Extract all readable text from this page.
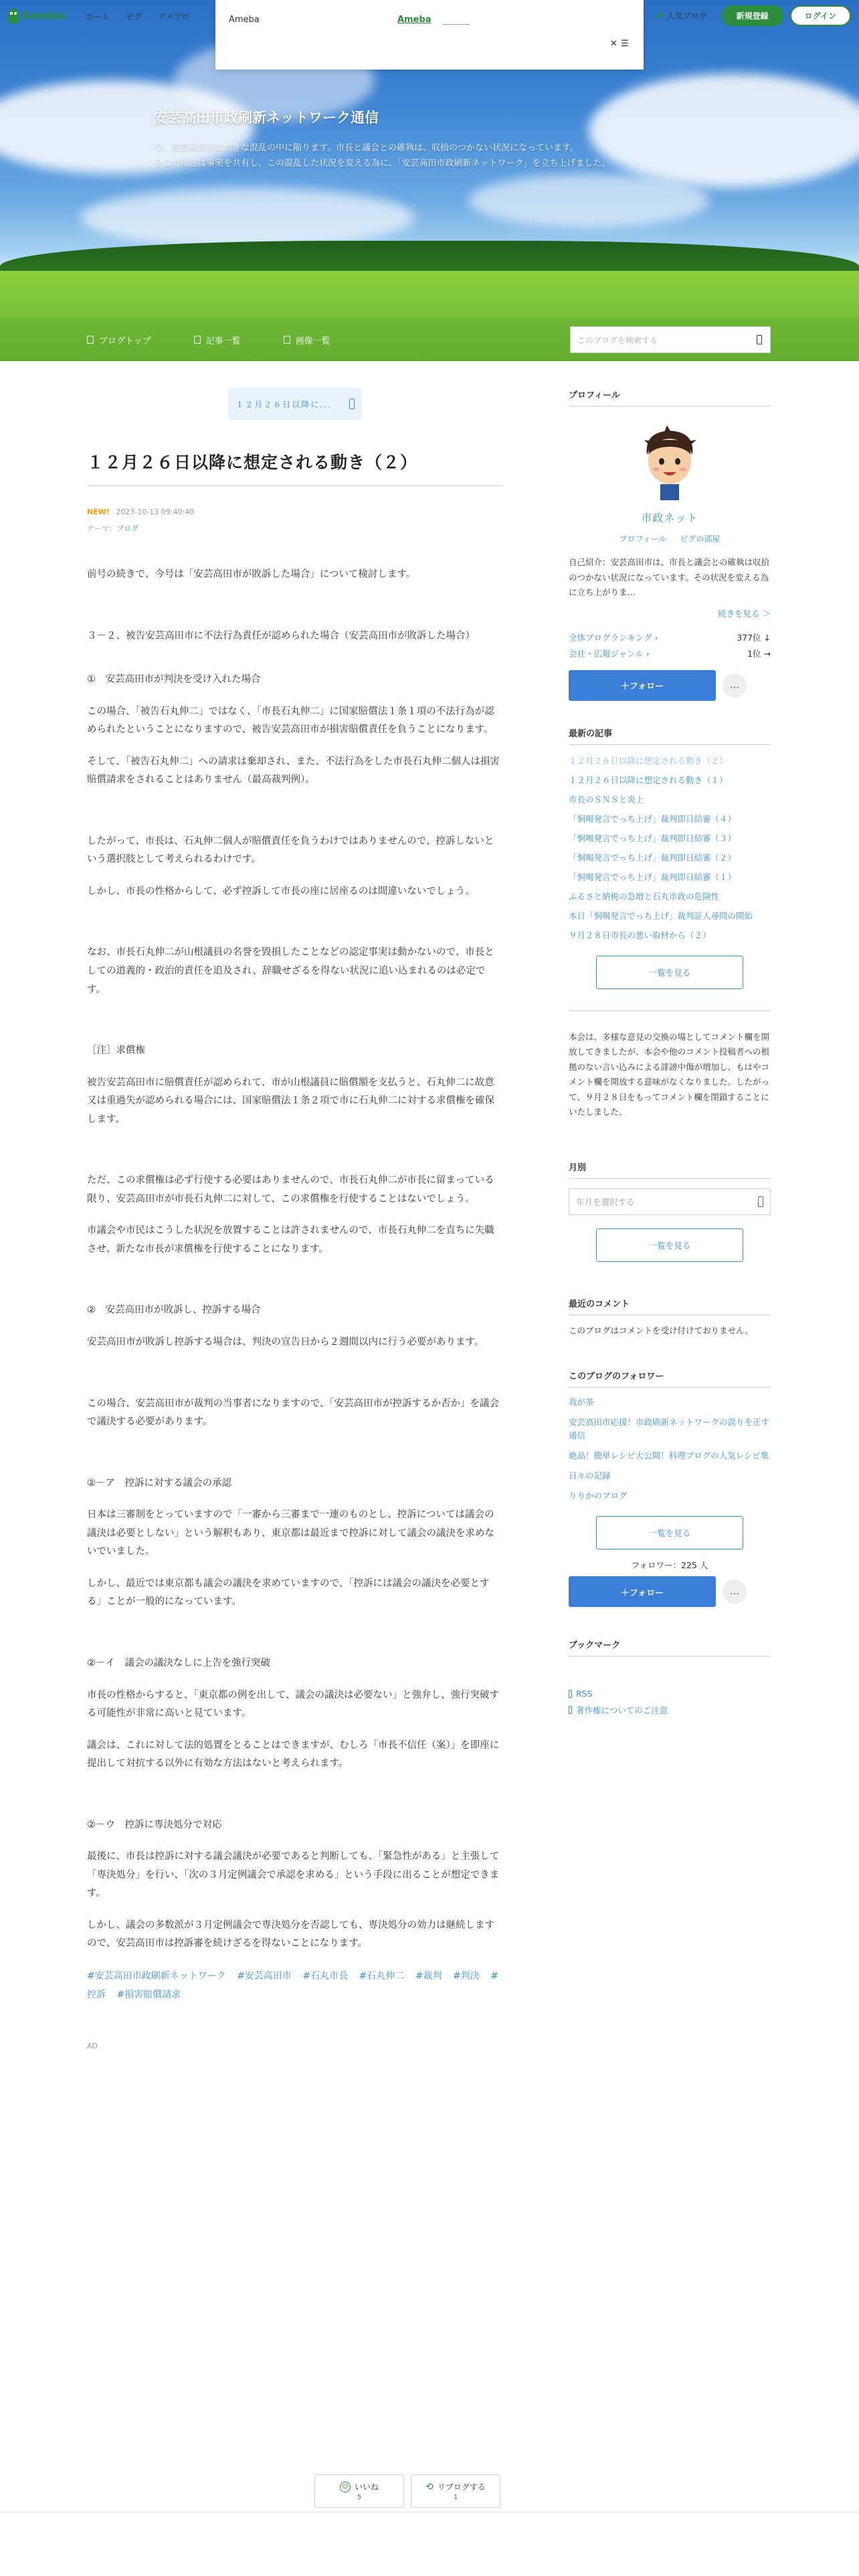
安芸高田市政刷新ネットワーク通信
今、安芸高田市は大きな混乱の中に陥ります。市長と議会との確執は、収拾のつかない状況になっています。
そこで私達は事実を共有し、この混乱した状況を変える為に、「安芸高田市政刷新ネットワーク」を立ち上げました。
ブログトップ	記事一覧	画像一覧	このブログを検索する
Ameba	ホーム ピグ アメブロ	★ 人気ブログ	新規登録	ログイン
Ameba	Ameba
✕ ☰
１２月２６日以降に...
１２月２６日以降に想定される動き（２）
NEW! 2023-10-13 09:40:40
テーマ：ブログ

前号の続きで、今号は「安芸高田市が敗訴した場合」について検討します。

３－２、被告安芸高田市に不法行為責任が認められた場合（安芸高田市が敗訴した場合）

①　安芸高田市が判決を受け入れた場合

この場合、「被告石丸伸二」ではなく、「市長石丸伸二」に国家賠償法１条１項の不法行為が認められたということになりますので、被告安芸高田市が損害賠償責任を負うことになります。

そして、「被告石丸伸二」への請求は棄却され、また、不法行為をした市長石丸伸二個人は損害賠償請求をされることはありません（最高裁判例）。

したがって、市長は、石丸伸二個人が賠償責任を負うわけではありませんので、控訴しないという選択肢として考えられるわけです。

しかし、市長の性格からして、必ず控訴して市長の座に居座るのは間違いないでしょう。

なお、市長石丸伸二が山根議員の名誉を毀損したことなどの認定事実は動かないので、市長としての道義的・政治的責任を追及され、辞職せざるを得ない状況に追い込まれるのは必定です。

［注］求償権

被告安芸高田市に賠償責任が認められて、市が山根議員に賠償額を支払うと、石丸伸二に故意又は重過失が認められる場合には、国家賠償法１条２項で市に石丸伸二に対する求償権を確保します。

ただ、この求償権は必ず行使する必要はありませんので、市長石丸伸二が市長に留まっている限り、安芸高田市が市長石丸伸二に対して、この求償権を行使することはないでしょう。

市議会や市民はこうした状況を放置することは許されませんので、市長石丸伸二を直ちに失職させ、新たな市長が求償権を行使することになります。

②　安芸高田市が敗訴し、控訴する場合

安芸高田市が敗訴し控訴する場合は、判決の宣告日から２週間以内に行う必要があります。

この場合、安芸高田市が裁判の当事者になりますので、「安芸高田市が控訴するか否か」を議会で議決する必要があります。

②－ア　控訴に対する議会の承認

日本は三審制をとっていますので「一審から三審まで一連のものとし、控訴については議会の議決は必要としない」という解釈もあり、東京都は最近まで控訴に対して議会の議決を求めないでいました。

しかし、最近では東京都も議会の議決を求めていますので、「控訴には議会の議決を必要とする」ことが一般的になっています。

②－イ　議会の議決なしに上告を強行突破

市長の性格からすると、「東京都の例を出して、議会の議決は必要ない」と強弁し、強行突破する可能性が非常に高いと見ています。

議会は、これに対して法的処置をとることはできますが、むしろ「市長不信任（案）」を即座に提出して対抗する以外に有効な方法はないと考えられます。

②－ウ　控訴に専決処分で対応

最後に、市長は控訴に対する議会議決が必要であると判断しても、「緊急性がある」と主張して「専決処分」を行い、「次の３月定例議会で承認を求める」という手段に出ることが想定できます。

しかし、議会の多数派が３月定例議会で専決処分を否認しても、専決処分の効力は継続しますので、安芸高田市は控訴審を続けざるを得ないことになります。

#安芸高田市政刷新ネットワーク #安芸高田市 #石丸市長 #石丸伸二 #裁判 #判決 #控訴 #損害賠償請求
AD
☺ いいね
5
⟲ リブログする
1
プロフィール
市政ネット
プロフィール ピグの部屋
自己紹介：安芸高田市は、市長と議会との確執は収拾のつかない状況になっています。その状況を変える為に立ち上がりま…
続きを見る ＞
全体ブログランキング ›	377位 ↓
会社・広報ジャンル ›	1位 →
＋フォロー	…
最新の記事
１２月２６日以降に想定される動き（２）
１２月２６日以降に想定される動き（１）
市長のＳＮＳと炎上
「恫喝発言でっち上げ」裁判即日結審（４）
「恫喝発言でっち上げ」裁判即日結審（３）
「恫喝発言でっち上げ」裁判即日結審（２）
「恫喝発言でっち上げ」裁判即日結審（１）
ふるさと納税の急増と石丸市政の危険性
本日「恫喝発言でっち上げ」裁判証人尋問の開始
９月２８日市長の悪い取材から（２）
一覧を見る
本会は、多様な意見の交換の場としてコメント欄を開放してきましたが、本会や他のコメント投稿者への根拠のない言い込みによる誹謗中傷が増加し、もはやコメント欄を開放する意味がなくなりました。したがって、９月２８日をもってコメント欄を閉鎖することにいたしました。
月別
年月を選択する
一覧を見る
最近のコメント
このブログはコメントを受け付けておりません。
このブログのフォロワー
我が茶
安芸高田市応援！市政刷新ネットワークの誤りを正す通信
絶品！簡単レシピ大公開！料理ブログの人気レシピ集
日々の記録
りりかのブログ
一覧を見る
フォロワー：225 人
＋フォロー	…
ブックマーク
RSS
著作権についてのご注意
